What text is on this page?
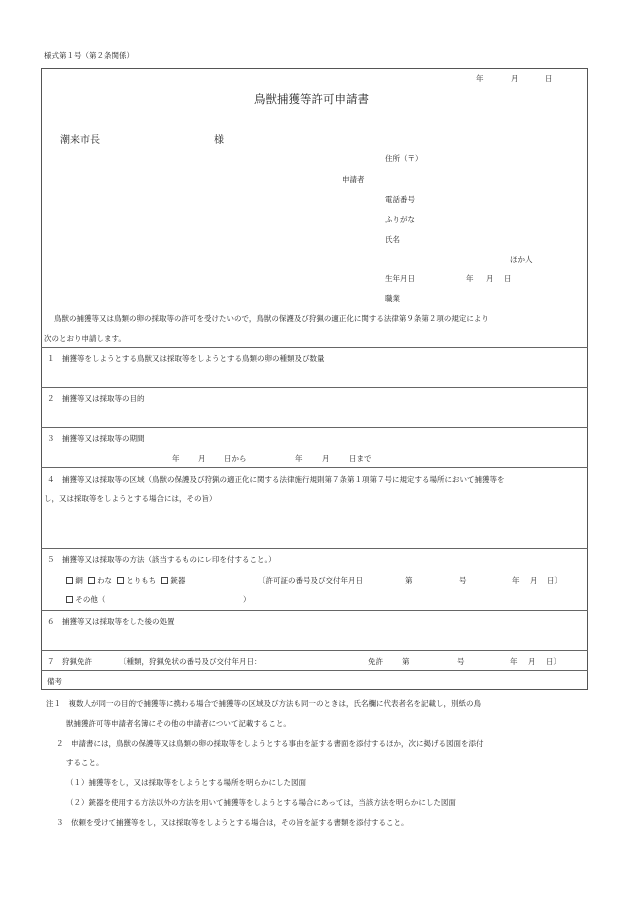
様式第１号（第２条関係）
年	月	日
鳥獣捕獲等許可申請書
潮来市長	様
住所（〒）
申請者
電話番号
ふりがな
氏名
ほか人
生年月日	年 月 日
職業
鳥獣の捕獲等又は鳥類の卵の採取等の許可を受けたいので，鳥獣の保護及び狩猟の適正化に関する法律第９条第２項の規定により
次のとおり申請します。
１　捕獲等をしようとする鳥獣又は採取等をしようとする鳥類の卵の種類及び数量
２　捕獲等又は採取等の目的
３　捕獲等又は採取等の期間
年 月 日から	年	月	日まで
４　捕獲等又は採取等の区域（鳥獣の保護及び狩猟の適正化に関する法律施行規則第７条第１項第７号に規定する場所において捕獲等を
し，又は採取等をしようとする場合には，その旨）
５　捕獲等又は採取等の方法（該当するものにレ印を付すること。）
網 わな とりもち 銃器	〔許可証の番号及び交付年月日	第	号	年 月 日〕
その他（	）
６　捕獲等又は採取等をした後の処置
７　狩猟免許	〔種類，狩猟免状の番号及び交付年月日：	免許	第	号	年 月 日〕
備考
注１　複数人が同一の目的で捕獲等に携わる場合で捕獲等の区域及び方法も同一のときは，氏名欄に代表者名を記載し，別紙の鳥
獣捕獲許可等申請者名簿にその他の申請者について記載すること。
２　申請書には，鳥獣の保護等又は鳥類の卵の採取等をしようとする事由を証する書面を添付するほか，次に掲げる図面を添付
すること。
（１）捕獲等をし，又は採取等をしようとする場所を明らかにした図面
（２）銃器を使用する方法以外の方法を用いて捕獲等をしようとする場合にあっては，当該方法を明らかにした図面
３　依頼を受けて捕獲等をし，又は採取等をしようとする場合は，その旨を証する書類を添付すること。
